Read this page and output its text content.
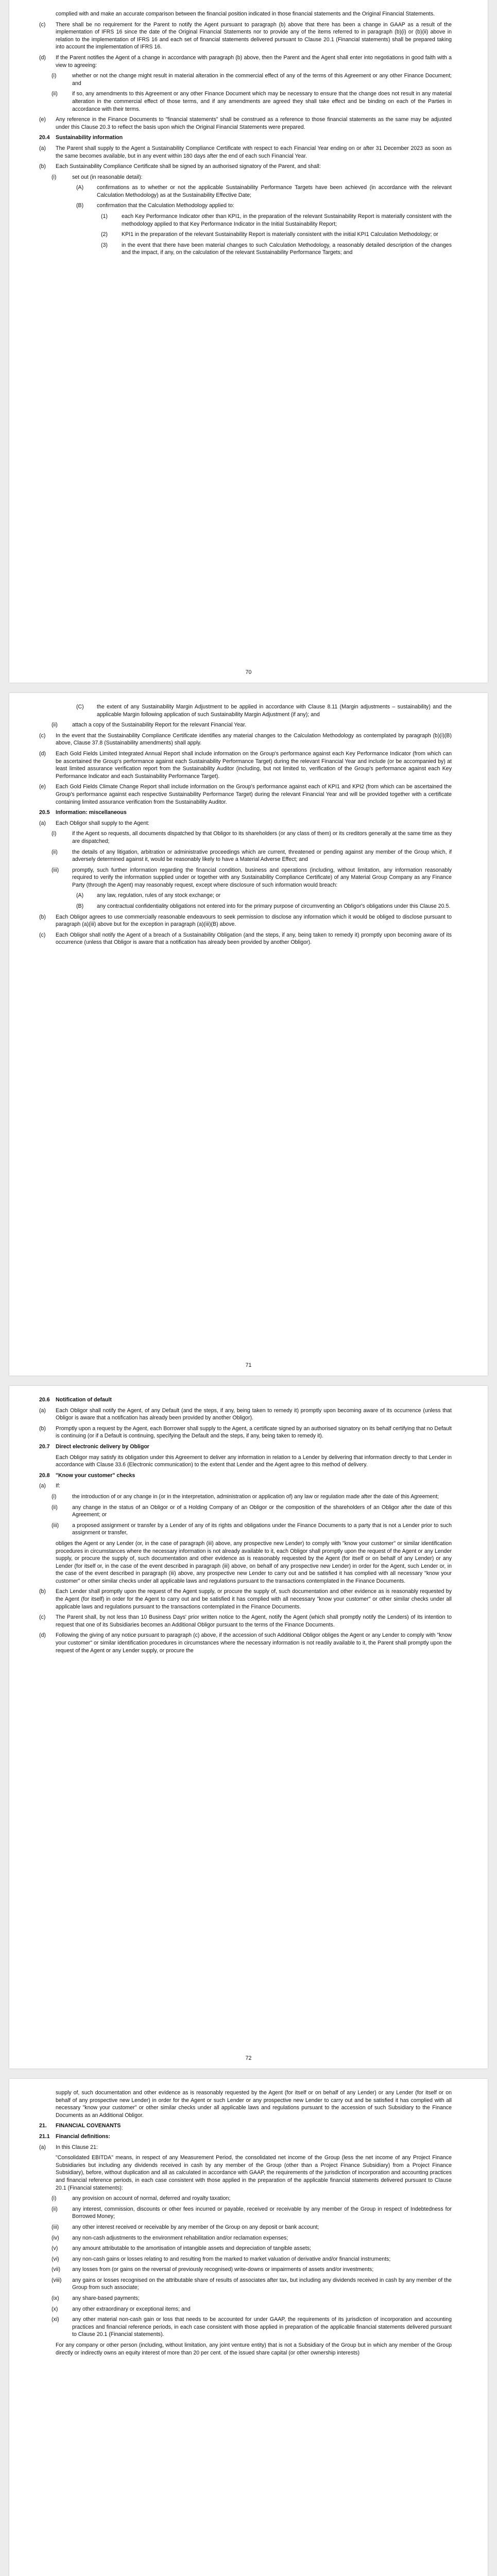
complied with and make an accurate comparison between the financial position indicated in those financial statements and the Original Financial Statements.
(c) There shall be no requirement for the Parent to notify the Agent pursuant to paragraph (b) above that there has been a change in GAAP as a result of the implementation of IFRS 16 since the date of the Original Financial Statements nor to provide any of the items referred to in paragraph (b)(i) or (b)(ii) above in relation to the implementation of IFRS 16 and each set of financial statements delivered pursuant to Clause 20.1 (Financial statements) shall be prepared taking into account the implementation of IFRS 16.
(d) If the Parent notifies the Agent of a change in accordance with paragraph (b) above, then the Parent and the Agent shall enter into negotiations in good faith with a view to agreeing:
(i)	whether or not the change might result in material alteration in the commercial effect of any of the terms of this Agreement or any other Finance Document; and
(ii)	if so, any amendments to this Agreement or any other Finance Document which may be necessary to ensure that the change does not result in any material alteration in the commercial effect of those terms, and if any amendments are agreed they shall take effect and be binding on each of the Parties in accordance with their terms.
(e) Any reference in the Finance Documents to "financial statements" shall be construed as a reference to those financial statements as the same may be adjusted under this Clause 20.3 to reflect the basis upon which the Original Financial Statements were prepared.
20.4 Sustainability information
(a) The Parent shall supply to the Agent a Sustainability Compliance Certificate with respect to each Financial Year ending on or after 31 December 2023 as soon as the same becomes available, but in any event within 180 days after the end of each such Financial Year.
(b) Each Sustainability Compliance Certificate shall be signed by an authorised signatory of the Parent, and shall:
(i)	set out (in reasonable detail):
(A) confirmations as to whether or not the applicable Sustainability Performance Targets have been achieved (in accordance with the relevant Calculation Methodology) as at the Sustainability Effective Date;
(B) confirmation that the Calculation Methodology applied to:
(1)	each Key Performance Indicator other than KPI1, in the preparation of the relevant Sustainability Report is materially consistent with the methodology applied to that Key Performance Indicator in the Initial Sustainability Report;
(2)	KPI1 in the preparation of the relevant Sustainability Report is materially consistent with the initial KPI1 Calculation Methodology; or
(3)	in the event that there have been material changes to such Calculation Methodology, a reasonably detailed description of the changes and the impact, if any, on the calculation of the relevant Sustainability Performance Targets; and
70
(C) the extent of any Sustainability Margin Adjustment to be applied in accordance with Clause 8.11 (Margin adjustments – sustainability) and the applicable Margin following application of such Sustainability Margin Adjustment (if any); and
(ii)	attach a copy of the Sustainability Report for the relevant Financial Year.
(c) In the event that the Sustainability Compliance Certificate identifies any material changes to the Calculation Methodology as contemplated by paragraph (b)(i)(B) above, Clause 37.8 (Sustainability amendments) shall apply.
(d) Each Gold Fields Limited Integrated Annual Report shall include information on the Group's performance against each Key Performance Indicator (from which can be ascertained the Group's performance against each Sustainability Performance Target) during the relevant Financial Year and include (or be accompanied by) at least limited assurance verification report from the Sustainability Auditor (including, but not limited to, verification of the Group's performance against each Key Performance Indicator and each Sustainability Performance Target).
(e) Each Gold Fields Climate Change Report shall include information on the Group's performance against each of KPI1 and KPI2 (from which can be ascertained the Group's performance against each respective Sustainability Performance Target) during the relevant Financial Year and will be provided together with a certificate containing limited assurance verification from the Sustainability Auditor.
20.5 Information: miscellaneous
(a) Each Obligor shall supply to the Agent:
(i)	if the Agent so requests, all documents dispatched by that Obligor to its shareholders (or any class of them) or its creditors generally at the same time as they are dispatched;
(ii)	the details of any litigation, arbitration or administrative proceedings which are current, threatened or pending against any member of the Group which, if adversely determined against it, would be reasonably likely to have a Material Adverse Effect; and
(iii) promptly, such further information regarding the financial condition, business and operations (including, without limitation, any information reasonably required to verify the information supplied under or together with any Sustainability Compliance Certificate) of any Material Group Company as any Finance Party (through the Agent) may reasonably request, except where disclosure of such information would breach:
(A) any law, regulation, rules of any stock exchange; or
(B) any contractual confidentiality obligations not entered into for the primary purpose of circumventing an Obligor's obligations under this Clause 20.5.
(b) Each Obligor agrees to use commercially reasonable endeavours to seek permission to disclose any information which it would be obliged to disclose pursuant to paragraph (a)(iii) above but for the exception in paragraph (a)(iii)(B) above.
(c) Each Obligor shall notify the Agent of a breach of a Sustainability Obligation (and the steps, if any, being taken to remedy it) promptly upon becoming aware of its occurrence (unless that Obligor is aware that a notification has already been provided by another Obligor).
71
20.6 Notification of default
(a) Each Obligor shall notify the Agent, of any Default (and the steps, if any, being taken to remedy it) promptly upon becoming aware of its occurrence (unless that Obligor is aware that a notification has already been provided by another Obligor).
(b) Promptly upon a request by the Agent, each Borrower shall supply to the Agent, a certificate signed by an authorised signatory on its behalf certifying that no Default is continuing (or if a Default is continuing, specifying the Default and the steps, if any, being taken to remedy it).
20.7 Direct electronic delivery by Obligor
Each Obligor may satisfy its obligation under this Agreement to deliver any information in relation to a Lender by delivering that information directly to that Lender in accordance with Clause 33.6 (Electronic communication) to the extent that Lender and the Agent agree to this method of delivery.
20.8 "Know your customer" checks
(a) If:
(i)	the introduction of or any change in (or in the interpretation, administration or application of) any law or regulation made after the date of this Agreement;
(ii)	any change in the status of an Obligor or of a Holding Company of an Obligor or the composition of the shareholders of an Obligor after the date of this Agreement; or
(iii) a proposed assignment or transfer by a Lender of any of its rights and obligations under the Finance Documents to a party that is not a Lender prior to such assignment or transfer,
obliges the Agent or any Lender (or, in the case of paragraph (iii) above, any prospective new Lender) to comply with "know your customer" or similar identification procedures in circumstances where the necessary information is not already available to it, each Obligor shall promptly upon the request of the Agent or any Lender supply, or procure the supply of, such documentation and other evidence as is reasonably requested by the Agent (for itself or on behalf of any Lender) or any Lender (for itself or, in the case of the event described in paragraph (iii) above, on behalf of any prospective new Lender) in order for the Agent, such Lender or, in the case of the event described in paragraph (iii) above, any prospective new Lender to carry out and be satisfied it has complied with all necessary "know your customer" or other similar checks under all applicable laws and regulations pursuant to the transactions contemplated in the Finance Documents.
(b) Each Lender shall promptly upon the request of the Agent supply, or procure the supply of, such documentation and other evidence as is reasonably requested by the Agent (for itself) in order for the Agent to carry out and be satisfied it has complied with all necessary "know your customer" or other similar checks under all applicable laws and regulations pursuant to the transactions contemplated in the Finance Documents.
(c) The Parent shall, by not less than 10 Business Days' prior written notice to the Agent, notify the Agent (which shall promptly notify the Lenders) of its intention to request that one of its Subsidiaries becomes an Additional Obligor pursuant to the terms of the Finance Documents.
(d) Following the giving of any notice pursuant to paragraph (c) above, if the accession of such Additional Obligor obliges the Agent or any Lender to comply with "know your customer" or similar identification procedures in circumstances where the necessary information is not readily available to it, the Parent shall promptly upon the request of the Agent or any Lender supply, or procure the
72
supply of, such documentation and other evidence as is reasonably requested by the Agent (for itself or on behalf of any Lender) or any Lender (for itself or on behalf of any prospective new Lender) in order for the Agent or such Lender or any prospective new Lender to carry out and be satisfied it has complied with all necessary "know your customer" or other similar checks under all applicable laws and regulations pursuant to the accession of such Subsidiary to the Finance Documents as an Additional Obligor.
21. FINANCIAL COVENANTS
21.1 Financial definitions:
(a) In this Clause 21:
"Consolidated EBITDA" means, in respect of any Measurement Period, the consolidated net income of the Group (less the net income of any Project Finance Subsidiaries but including any dividends received in cash by any member of the Group (other than a Project Finance Subsidiary) from a Project Finance Subsidiary), before, without duplication and all as calculated in accordance with GAAP, the requirements of the jurisdiction of incorporation and accounting practices and financial reference periods, in each case consistent with those applied in the preparation of the applicable financial statements delivered pursuant to Clause 20.1 (Financial statements):
(i)	any provision on account of normal, deferred and royalty taxation;
(ii)	any interest, commission, discounts or other fees incurred or payable, received or receivable by any member of the Group in respect of Indebtedness for Borrowed Money;
(iii) any other interest received or receivable by any member of the Group on any deposit or bank account;
(iv) any non-cash adjustments to the environment rehabilitation and/or reclamation expenses;
(v)	any amount attributable to the amortisation of intangible assets and depreciation of tangible assets;
(vi) any non-cash gains or losses relating to and resulting from the marked to market valuation of derivative and/or financial instruments;
(vii) any losses from (or gains on the reversal of previously recognised) write-downs or impairments of assets and/or investments;
(viii) any gains or losses recognised on the attributable share of results of associates after tax, but including any dividends received in cash by any member of the Group from such associate;
(ix) any share-based payments;
(x)	any other extraordinary or exceptional items; and
(xi) any other material non-cash gain or loss that needs to be accounted for under GAAP, the requirements of its jurisdiction of incorporation and accounting practices and financial reference periods, in each case consistent with those applied in preparation of the applicable financial statements delivered pursuant to Clause 20.1 (Financial statements).
For any company or other person (including, without limitation, any joint venture entity) that is not a Subsidiary of the Group but in which any member of the Group directly or indirectly owns an equity interest of more than 20 per cent. of the issued share capital (or other ownership interests)
